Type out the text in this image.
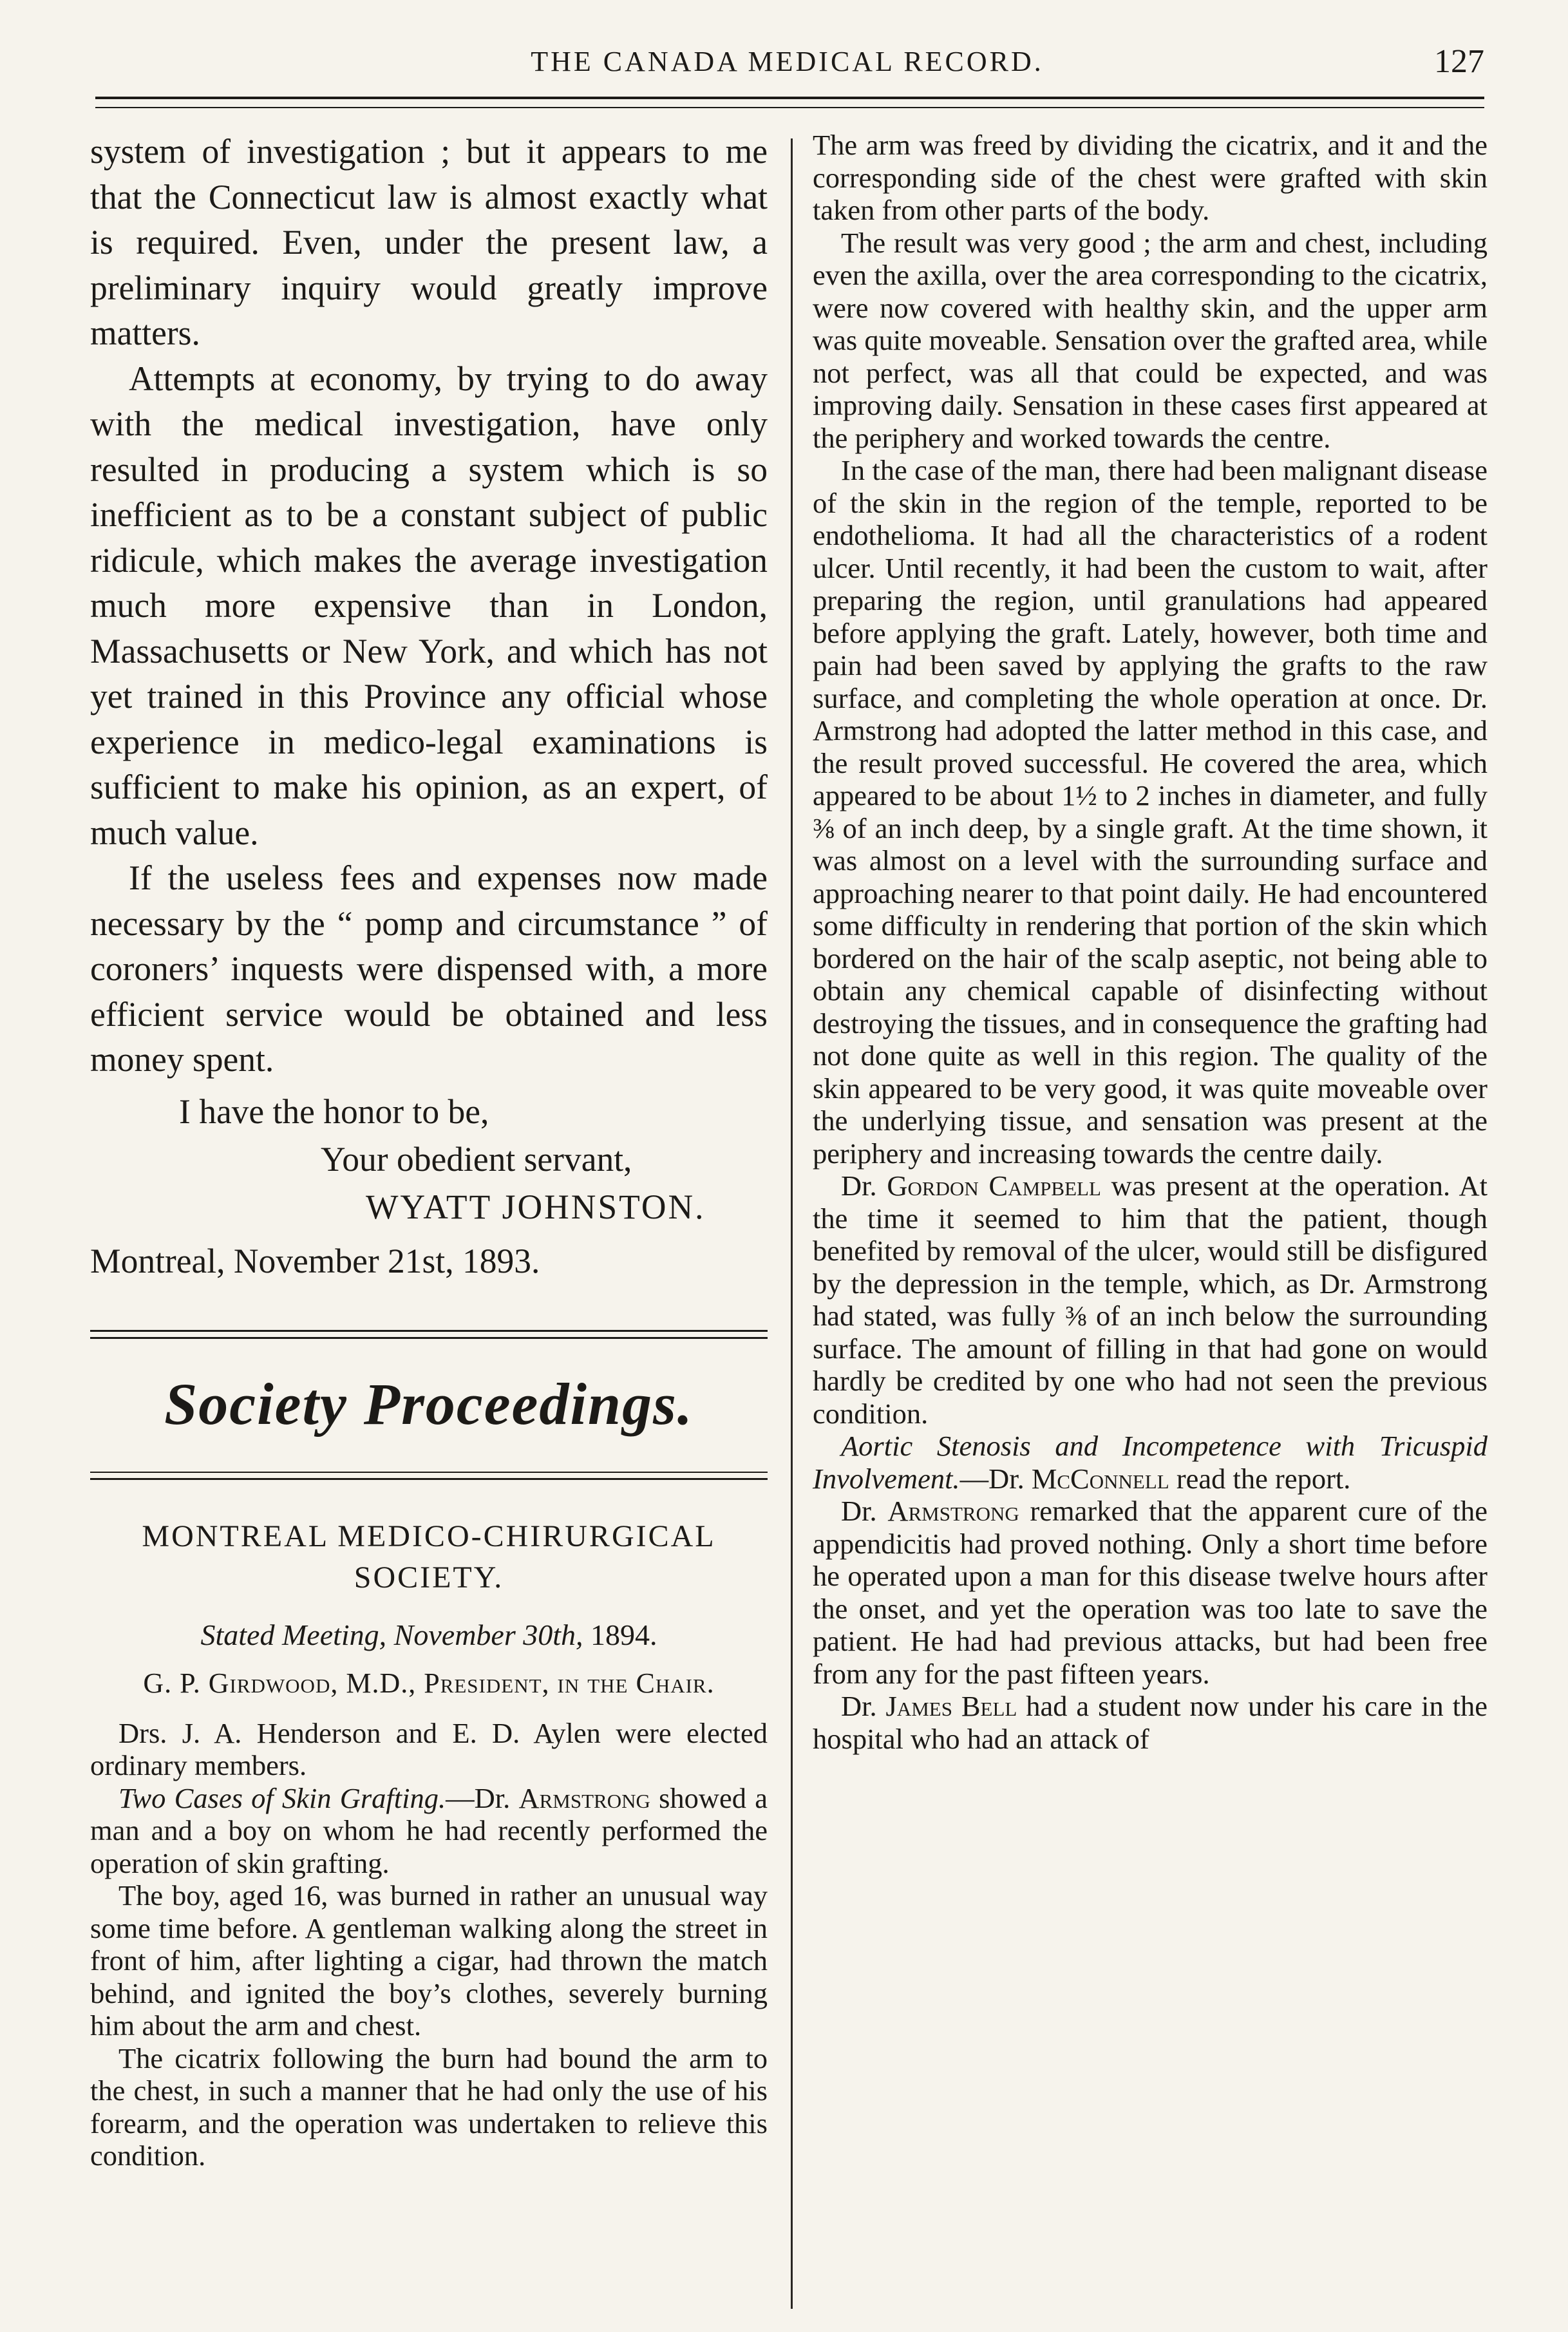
THE CANADA MEDICAL RECORD.	127

system of investigation ; but it appears to me that the Connecticut law is almost exactly what is required. Even, under the present law, a preliminary inquiry would greatly improve matters.

Attempts at economy, by trying to do away with the medical investigation, have only resulted in producing a system which is so inefficient as to be a constant subject of public ridicule, which makes the average investigation much more expensive than in London, Massachusetts or New York, and which has not yet trained in this Province any official whose experience in medico-legal examinations is sufficient to make his opinion, as an expert, of much value.

If the useless fees and expenses now made necessary by the “ pomp and circumstance ” of coroners’ inquests were dispensed with, a more efficient service would be obtained and less money spent.

I have the honor to be,
Your obedient servant,
WYATT JOHNSTON.
Montreal, November 21st, 1893.
Society Proceedings.
MONTREAL MEDICO-CHIRURGICAL SOCIETY.
Stated Meeting, November 30th, 1894.
G. P. Girdwood, M.D., President, in the Chair.

Drs. J. A. Henderson and E. D. Aylen were elected ordinary members.

Two Cases of Skin Grafting.—Dr. Armstrong showed a man and a boy on whom he had recently performed the operation of skin grafting.

The boy, aged 16, was burned in rather an unusual way some time before. A gentleman walking along the street in front of him, after lighting a cigar, had thrown the match behind, and ignited the boy’s clothes, severely burning him about the arm and chest.

The cicatrix following the burn had bound the arm to the chest, in such a manner that he had only the use of his forearm, and the operation was undertaken to relieve this condition.

The arm was freed by dividing the cicatrix, and it and the corresponding side of the chest were grafted with skin taken from other parts of the body.

The result was very good ; the arm and chest, including even the axilla, over the area corresponding to the cicatrix, were now covered with healthy skin, and the upper arm was quite moveable. Sensation over the grafted area, while not perfect, was all that could be expected, and was improving daily. Sensation in these cases first appeared at the periphery and worked towards the centre.

In the case of the man, there had been malignant disease of the skin in the region of the temple, reported to be endothelioma. It had all the characteristics of a rodent ulcer. Until recently, it had been the custom to wait, after preparing the region, until granulations had appeared before applying the graft. Lately, however, both time and pain had been saved by applying the grafts to the raw surface, and completing the whole operation at once. Dr. Armstrong had adopted the latter method in this case, and the result proved successful. He covered the area, which appeared to be about 1½ to 2 inches in diameter, and fully ⅜ of an inch deep, by a single graft. At the time shown, it was almost on a level with the surrounding surface and approaching nearer to that point daily. He had encountered some difficulty in rendering that portion of the skin which bordered on the hair of the scalp aseptic, not being able to obtain any chemical capable of disinfecting without destroying the tissues, and in consequence the grafting had not done quite as well in this region. The quality of the skin appeared to be very good, it was quite moveable over the underlying tissue, and sensation was present at the periphery and increasing towards the centre daily.

Dr. Gordon Campbell was present at the operation. At the time it seemed to him that the patient, though benefited by removal of the ulcer, would still be disfigured by the depression in the temple, which, as Dr. Armstrong had stated, was fully ⅜ of an inch below the surrounding surface. The amount of filling in that had gone on would hardly be credited by one who had not seen the previous condition.

Aortic Stenosis and Incompetence with Tricuspid Involvement.—Dr. McConnell read the report.

Dr. Armstrong remarked that the apparent cure of the appendicitis had proved nothing. Only a short time before he operated upon a man for this disease twelve hours after the onset, and yet the operation was too late to save the patient. He had had previous attacks, but had been free from any for the past fifteen years.

Dr. James Bell had a student now under his care in the hospital who had an attack of
